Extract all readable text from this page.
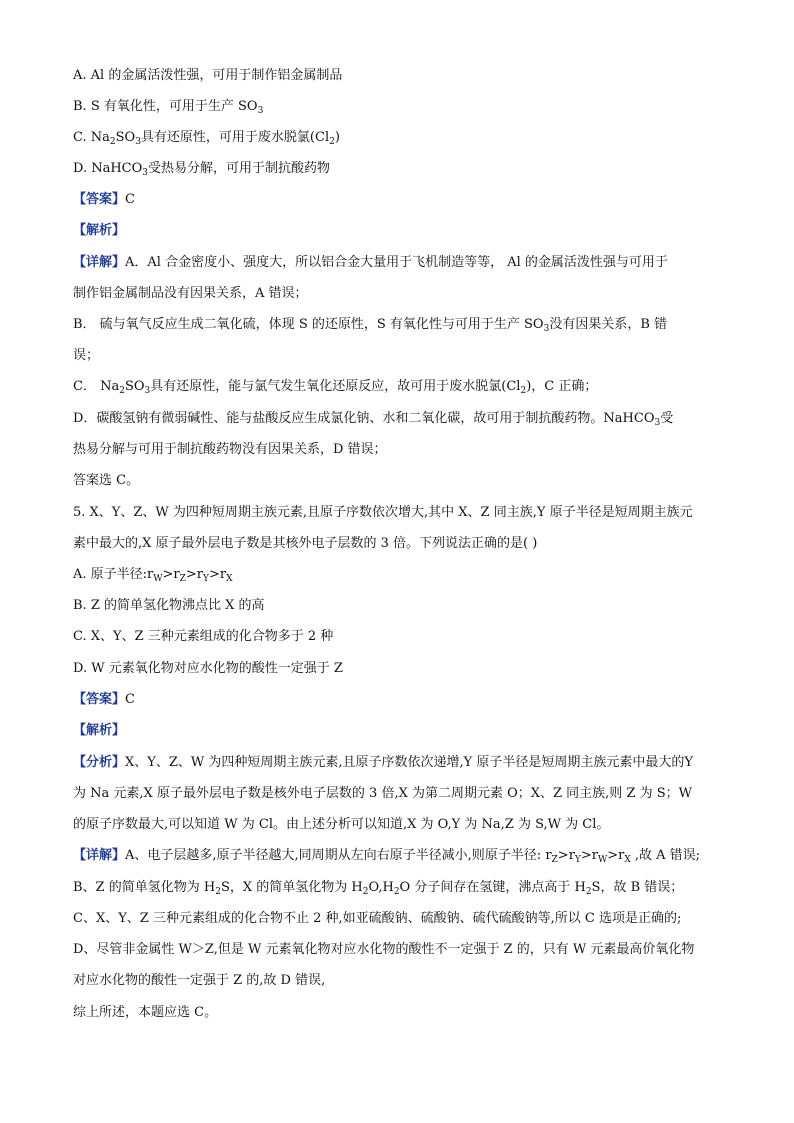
A. Al 的金属活泼性强，可用于制作铝金属制品
B. S 有氧化性，可用于生产 $SO_3$
C. $Na_2SO_3$具有还原性，可用于废水脱氯$(Cl_2)$
D. NaHCO$_3$受热易分解，可用于制抗酸药物
【答案】C
【解析】
【详解】A．Al 合金密度小、强度大，所以铝合金大量用于飞机制造等等， Al 的金属活泼性强与可用于
制作铝金属制品没有因果关系，A 错误；
B． 硫与氧气反应生成二氧化硫，体现 S 的还原性，S 有氧化性与可用于生产 $SO_3$没有因果关系，B 错
误；
C． $Na_2SO_3$具有还原性，能与氯气发生氧化还原反应，故可用于废水脱氯$(Cl_2)$，C 正确；
D．碳酸氢钠有微弱碱性、能与盐酸反应生成氯化钠、水和二氧化碳，故可用于制抗酸药物。NaHCO$_3$受
热易分解与可用于制抗酸药物没有因果关系，D 错误；
答案选 C。
5. X、Y、Z、W 为四种短周期主族元素,且原子序数依次增大,其中 X、Z 同主族,Y 原子半径是短周期主族元
素中最大的,X 原子最外层电子数是其核外电子层数的 3 倍。下列说法正确的是( )
A. 原子半径$:r_W>r_Z>r_Y>r_X$
B. Z 的简单氢化物沸点比 X 的高
C. X、Y、Z 三种元素组成的化合物多于 2 种
D. W 元素氧化物对应水化物的酸性一定强于 Z
【答案】C
【解析】
【分析】X、Y、Z、W 为四种短周期主族元素,且原子序数依次递增,Y 原子半径是短周期主族元素中最大的Y
为 Na 元素,X 原子最外层电子数是核外电子层数的 3 倍,X 为第二周期元素 O；X、Z 同主族,则 Z 为 S；W
的原子序数最大,可以知道 W 为 Cl。由上述分析可以知道,X 为 O,Y 为 Na,Z 为 S,W 为 Cl。
【详解】A、电子层越多,原子半径越大,同周期从左向右原子半径减小,则原子半径: $r_Z>r_Y>r_W>r_X$ ,故 A 错误;
B、Z 的简单氢化物为 $H_2S$，X 的简单氢化物为 $H_2O,H_2O$ 分子间存在氢键，沸点高于 $H_2S$，故 B 错误；
C、X、Y、Z 三种元素组成的化合物不止 2 种,如亚硫酸钠、硫酸钠、硫代硫酸钠等,所以 C 选项是正确的;
D、尽管非金属性 W＞Z,但是 W 元素氧化物对应水化物的酸性不一定强于 Z 的，只有 W 元素最高价氧化物
对应水化物的酸性一定强于 Z 的,故 D 错误,
综上所述，本题应选 C。
